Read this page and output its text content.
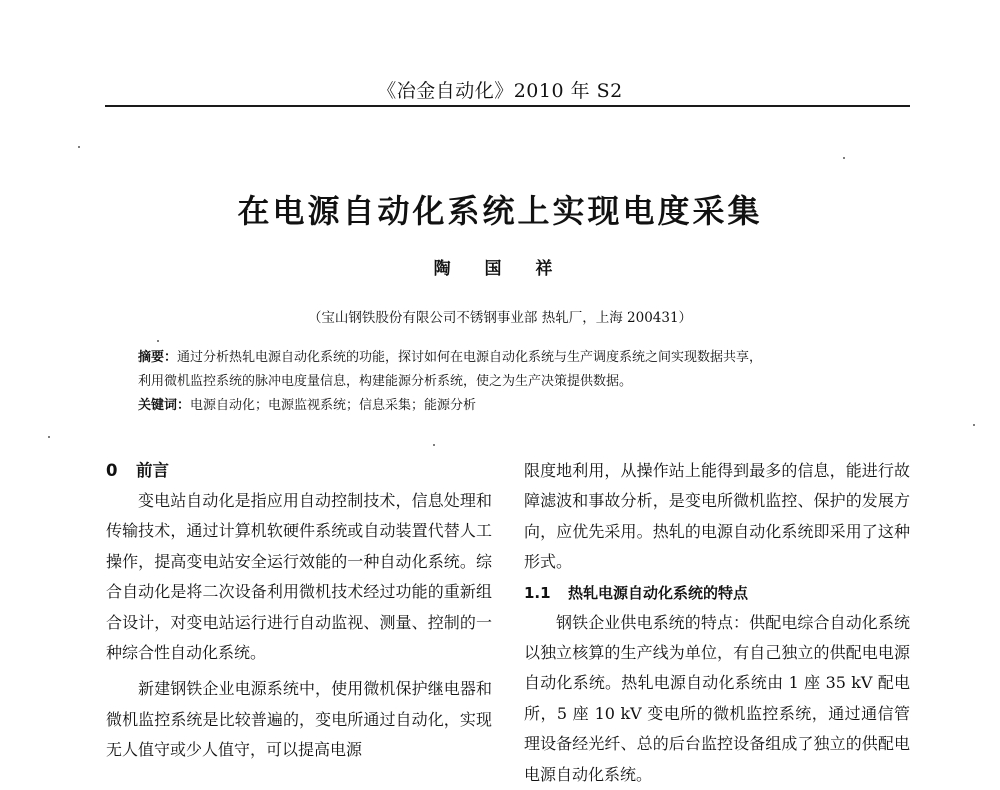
《冶金自动化》2010 年 S2
在电源自动化系统上实现电度采集
陶 国 祥
（宝山钢铁股份有限公司不锈钢事业部 热轧厂，上海 200431）
摘要：通过分析热轧电源自动化系统的功能，探讨如何在电源自动化系统与生产调度系统之间实现数据共享，
利用微机监控系统的脉冲电度量信息，构建能源分析系统，使之为生产决策提供数据。
关键词：电源自动化；电源监视系统；信息采集；能源分析
0 前言

变电站自动化是指应用自动控制技术，信息处理和传输技术，通过计算机软硬件系统或自动装置代替人工操作，提高变电站安全运行效能的一种自动化系统。综合自动化是将二次设备利用微机技术经过功能的重新组合设计，对变电站运行进行自动监视、测量、控制的一种综合性自动化系统。

新建钢铁企业电源系统中，使用微机保护继电器和微机监控系统是比较普遍的，变电所通过自动化，实现无人值守或少人值守，可以提高电源

限度地利用，从操作站上能得到最多的信息，能进行故障滤波和事故分析，是变电所微机监控、保护的发展方向，应优先采用。热轧的电源自动化系统即采用了这种形式。

1.1 热轧电源自动化系统的特点

钢铁企业供电系统的特点：供配电综合自动化系统以独立核算的生产线为单位，有自己独立的供配电电源自动化系统。热轧电源自动化系统由 1 座 35 kV 配电所，5 座 10 kV 变电所的微机监控系统，通过通信管理设备经光纤、总的后台监控设备组成了独立的供配电电源自动化系统。
